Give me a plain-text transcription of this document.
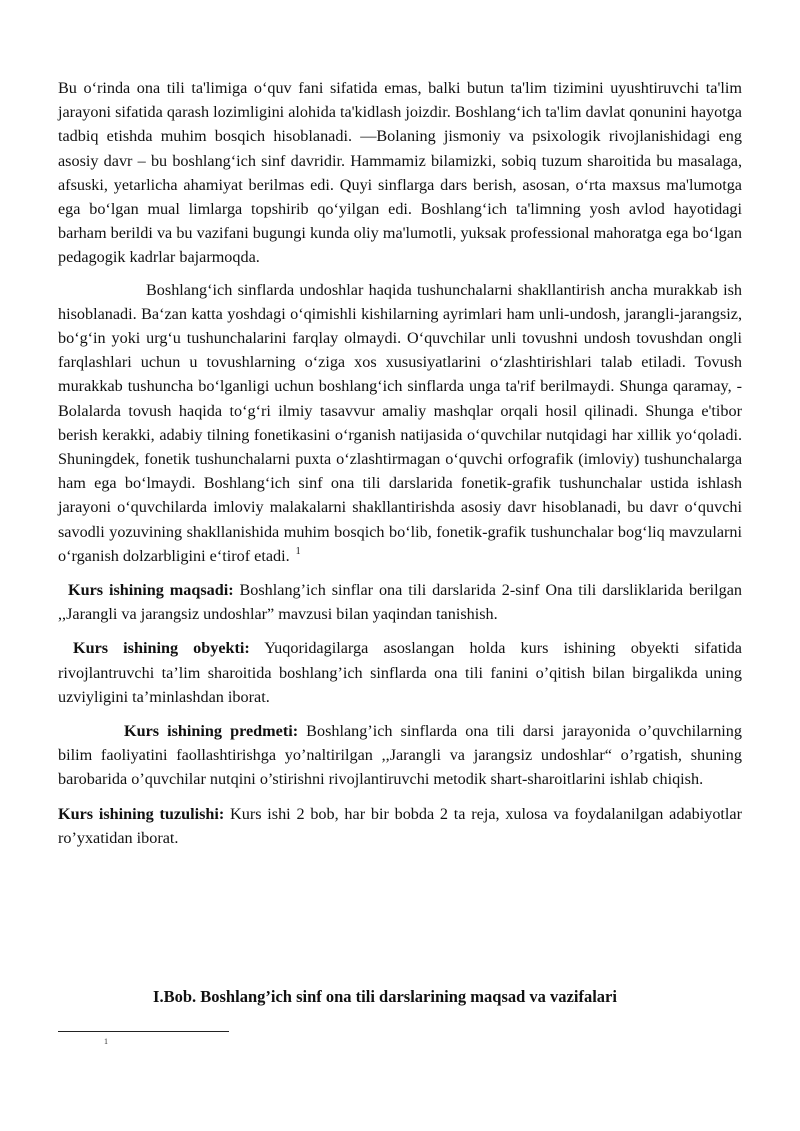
Bu o‘rinda ona tili ta'limiga o‘quv fani sifatida emas, balki butun ta'lim tizimini uyushtiruvchi ta'lim jarayoni sifatida qarash lozimligini alohida ta'kidlash joizdir. Boshlang‘ich ta'lim davlat qonunini hayotga tadbiq etishda muhim bosqich hisoblanadi. —Bolaning jismoniy va psixologik rivojlanishidagi eng asosiy davr – bu boshlang‘ich sinf davridir. Hammamiz bilamizki, sobiq tuzum sharoitida bu masalaga, afsuski, yetarlicha ahamiyat berilmas edi. Quyi sinflarga dars berish, asosan, o‘rta maxsus ma'lumotga ega bo‘lgan mual limlarga topshirib qo‘yilgan edi. Boshlang‘ich ta'limning yosh avlod hayotidagi barham berildi va bu vazifani bugungi kunda oliy ma'lumotli, yuksak professional mahoratga ega bo‘lgan pedagogik kadrlar bajarmoqda.

Boshlang‘ich sinflarda undoshlar haqida tushunchalarni shakllantirish ancha murakkab ish hisoblanadi. Ba‘zan katta yoshdagi o‘qimishli kishilarning ayrimlari ham unli-undosh, jarangli-jarangsiz, bo‘g‘in yoki urg‘u tushunchalarini farqlay olmaydi. O‘quvchilar unli tovushni undosh tovushdan ongli farqlashlari uchun u tovushlarning o‘ziga xos xususiyatlarini o‘zlashtirishlari talab etiladi. Tovush murakkab tushuncha bo‘lganligi uchun boshlang‘ich sinflarda unga ta'rif berilmaydi. Shunga qaramay, -Bolalarda tovush haqida to‘g‘ri ilmiy tasavvur amaliy mashqlar orqali hosil qilinadi. Shunga e'tibor berish kerakki, adabiy tilning fonetikasini o‘rganish natijasida o‘quvchilar nutqidagi har xillik yo‘qoladi. Shuningdek, fonetik tushunchalarni puxta o‘zlashtirmagan o‘quvchi orfografik (imloviy) tushunchalarga ham ega bo‘lmaydi. Boshlang‘ich sinf ona tili darslarida fonetik-grafik tushunchalar ustida ishlash jarayoni o‘quvchilarda imloviy malakalarni shakllantirishda asosiy davr hisoblanadi, bu davr o‘quvchi savodli yozuvining shakllanishida muhim bosqich bo‘lib, fonetik-grafik tushunchalar bog‘liq mavzularni o‘rganish dolzarbligini e‘tirof etadi. $^1$

Kurs ishining maqsadi: Boshlang’ich sinflar ona tili darslarida 2-sinf Ona tili darsliklarida berilgan ,,Jarangli va jarangsiz undoshlar” mavzusi bilan yaqindan tanishish.

Kurs ishining obyekti: Yuqoridagilarga asoslangan holda kurs ishining obyekti sifatida rivojlantruvchi ta’lim sharoitida boshlang’ich sinflarda ona tili fanini o’qitish bilan birgalikda uning uzviyligini ta’minlashdan iborat.

Kurs ishining predmeti: Boshlang’ich sinflarda ona tili darsi jarayonida o’quvchilarning bilim faoliyatini faollashtirishga yo’naltirilgan ,,Jarangli va jarangsiz undoshlar“ o’rgatish, shuning barobarida o’quvchilar nutqini o’stirishni rivojlantiruvchi metodik shart-sharoitlarini ishlab chiqish.

Kurs ishining tuzulishi: Kurs ishi 2 bob, har bir bobda 2 ta reja, xulosa va foydalanilgan adabiyotlar ro’yxatidan iborat.

I.Bob. Boshlang’ich sinf ona tili darslarining maqsad va vazifalari
1
